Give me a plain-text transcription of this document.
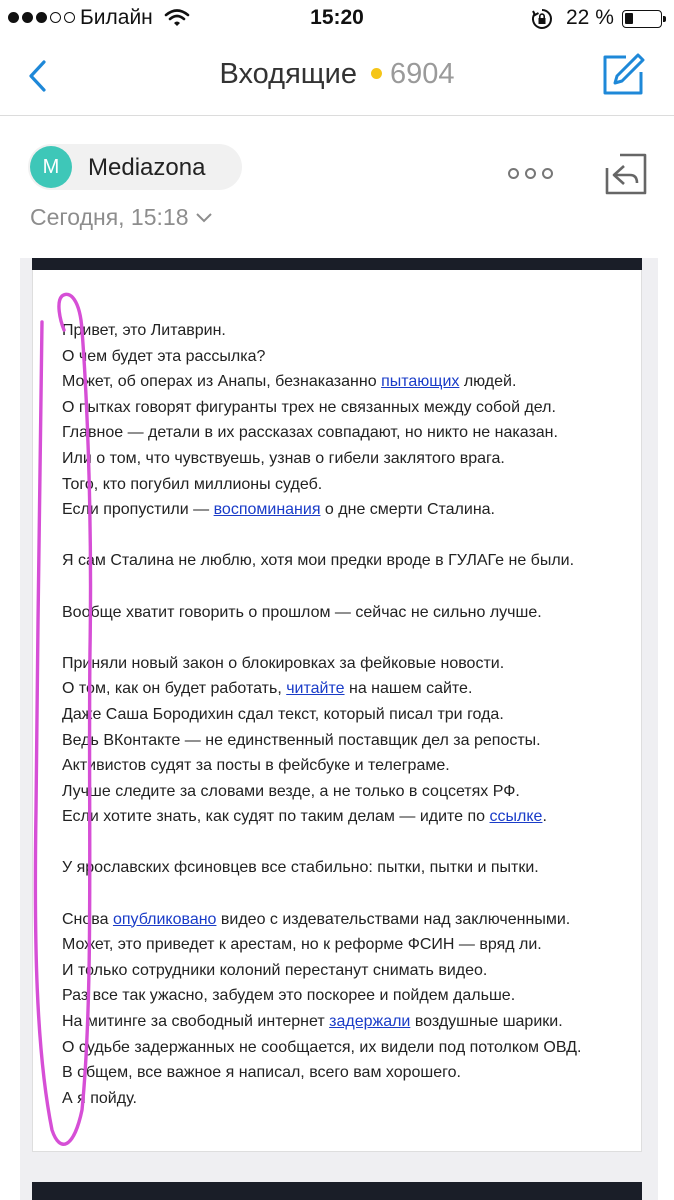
Билайн	15:20	22 %
Входящие 6904
M	Mediazona
Сегодня, 15:18
Привет, это Литаврин.
О чем будет эта рассылка?
Может, об операх из Анапы, безнаказанно пытающих людей.
О пытках говорят фигуранты трех не связанных между собой дел.
Главное — детали в их рассказах совпадают, но никто не наказан.
Или о том, что чувствуешь, узнав о гибели заклятого врага.
Того, кто погубил миллионы судеб.
Если пропустили — воспоминания о дне смерти Сталина.
Я сам Сталина не люблю, хотя мои предки вроде в ГУЛАГе не были.
Вообще хватит говорить о прошлом — сейчас не сильно лучше.
Приняли новый закон о блокировках за фейковые новости.
О том, как он будет работать, читайте на нашем сайте.
Даже Саша Бородихин сдал текст, который писал три года.
Ведь ВКонтакте — не единственный поставщик дел за репосты.
Активистов судят за посты в фейсбуке и телеграме.
Лучше следите за словами везде, а не только в соцсетях РФ.
Если хотите знать, как судят по таким делам — идите по ссылке.
У ярославских фсиновцев все стабильно: пытки, пытки и пытки.
Снова опубликовано видео с издевательствами над заключенными.
Может, это приведет к арестам, но к реформе ФСИН — вряд ли.
И только сотрудники колоний перестанут снимать видео.
Раз все так ужасно, забудем это поскорее и пойдем дальше.
На митинге за свободный интернет задержали воздушные шарики.
О судьбе задержанных не сообщается, их видели под потолком ОВД.
В общем, все важное я написал, всего вам хорошего.
А я пойду.
